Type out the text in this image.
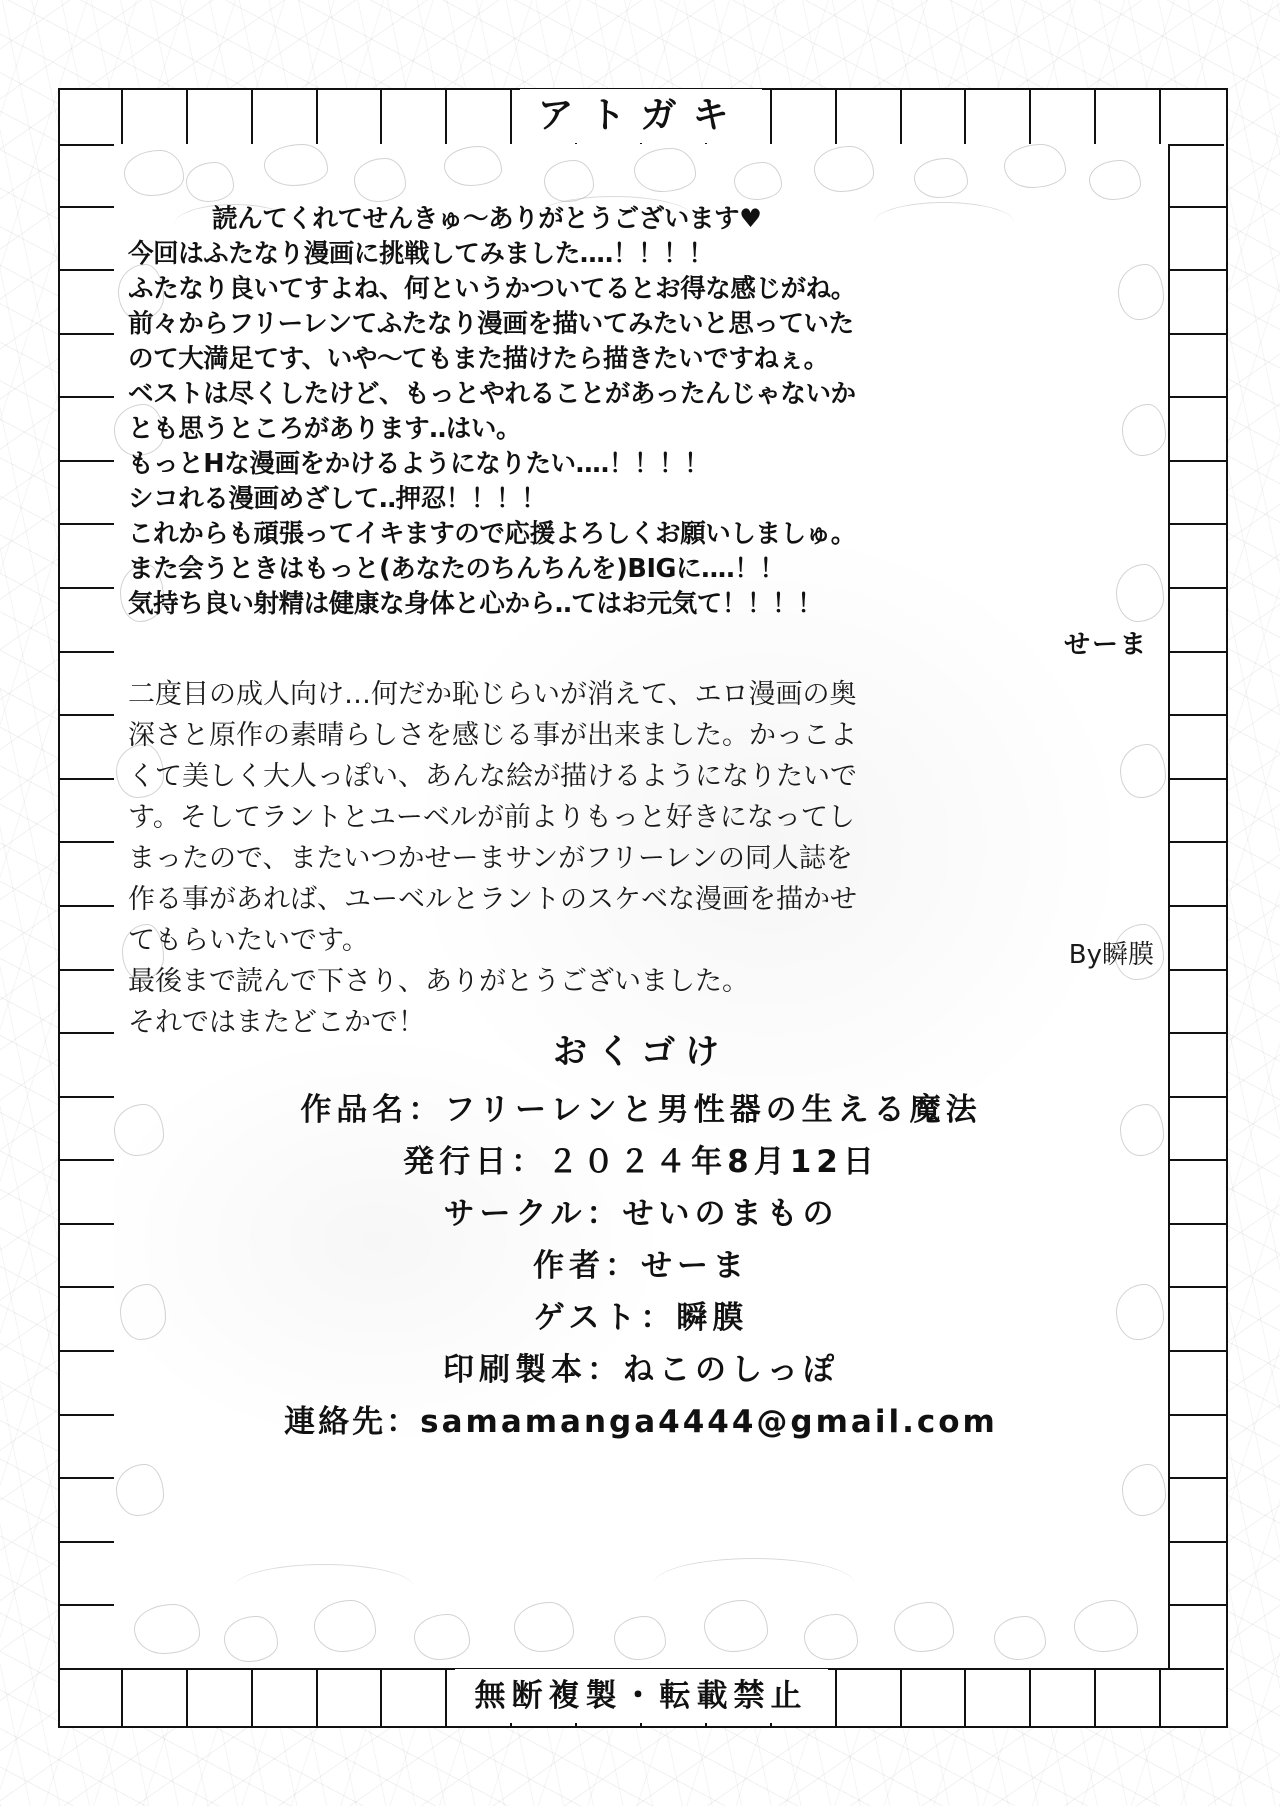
アトガキ
読んてくれてせんきゅ～ありがとうございます♥
今回はふたなり漫画に挑戦してみました‥‥！！！！
ふたなり良いてすよね、何というかついてるとお得な感じがね。
前々からフリーレンてふたなり漫画を描いてみたいと思っていた
のて大満足てす、いや～てもまた描けたら描きたいですねぇ。
ベストは尽くしたけど、もっとやれることがあったんじゃないか
とも思うところがあります‥はい。
もっとHな漫画をかけるようになりたい‥‥！！！！
シコれる漫画めざして‥押忍！！！！
これからも頑張ってイキますので応援よろしくお願いしましゅ。
また会うときはもっと(あなたのちんちんを)BIGに‥‥！！
気持ち良い射精は健康な身体と心から‥てはお元気て！！！！
せーま
二度目の成人向け…何だか恥じらいが消えて、エロ漫画の奥
深さと原作の素晴らしさを感じる事が出来ました。かっこよ
くて美しく大人っぽい、あんな絵が描けるようになりたいで
す。そしてラントとユーベルが前よりもっと好きになってし
まったので、またいつかせーまサンがフリーレンの同人誌を
作る事があれば、ユーベルとラントのスケベな漫画を描かせ
てもらいたいです。
最後まで読んで下さり、ありがとうございました。
それではまたどこかで！
By瞬膜
おくゴけ
作品名：フリーレンと男性器の生える魔法
発行日：２０２４年8月12日
サークル：せいのまもの
作者：せーま
ゲスト：瞬膜
印刷製本：ねこのしっぽ
連絡先：samamanga4444@gmail.com
無断複製・転載禁止
